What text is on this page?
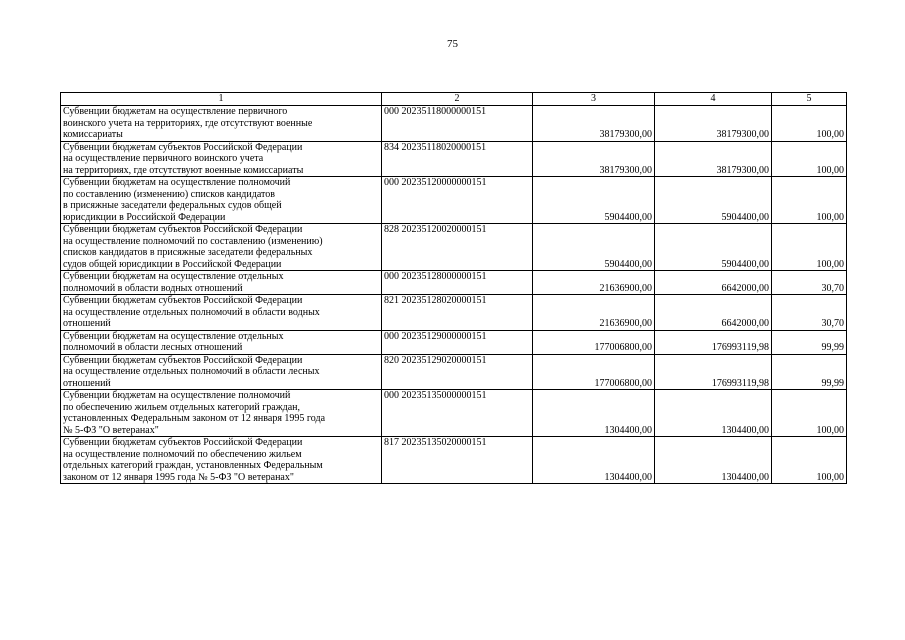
75
1	2	3	4	5
Субвенции бюджетам на осуществление первичного
воинского учета на территориях, где отсутствуют военные
комиссариаты	000 20235118000000151	38179300,00	38179300,00	100,00
Субвенции бюджетам субъектов Российской Федерации
на осуществление первичного воинского учета
на территориях, где отсутствуют военные комиссариаты	834 20235118020000151	38179300,00	38179300,00	100,00
Субвенции бюджетам на осуществление полномочий
по составлению (изменению) списков кандидатов
в присяжные заседатели федеральных судов общей
юрисдикции в Российской Федерации	000 20235120000000151	5904400,00	5904400,00	100,00
Субвенции бюджетам субъектов Российской Федерации
на осуществление полномочий по составлению (изменению)
списков кандидатов в присяжные заседатели федеральных
судов общей юрисдикции в Российской Федерации	828 20235120020000151	5904400,00	5904400,00	100,00
Субвенции бюджетам на осуществление отдельных
полномочий в области водных отношений	000 20235128000000151	21636900,00	6642000,00	30,70
Субвенции бюджетам субъектов Российской Федерации
на осуществление отдельных полномочий в области водных
отношений	821 20235128020000151	21636900,00	6642000,00	30,70
Субвенции бюджетам на осуществление отдельных
полномочий в области лесных отношений	000 20235129000000151	177006800,00	176993119,98	99,99
Субвенции бюджетам субъектов Российской Федерации
на осуществление отдельных полномочий в области лесных
отношений	820 20235129020000151	177006800,00	176993119,98	99,99
Субвенции бюджетам на осуществление полномочий
по обеспечению жильем отдельных категорий граждан,
установленных Федеральным законом от 12 января 1995 года
№ 5-ФЗ "О ветеранах"	000 20235135000000151	1304400,00	1304400,00	100,00
Субвенции бюджетам субъектов Российской Федерации
на осуществление полномочий по обеспечению жильем
отдельных категорий граждан, установленных Федеральным
законом от 12 января 1995 года № 5-ФЗ "О ветеранах"	817 20235135020000151	1304400,00	1304400,00	100,00
